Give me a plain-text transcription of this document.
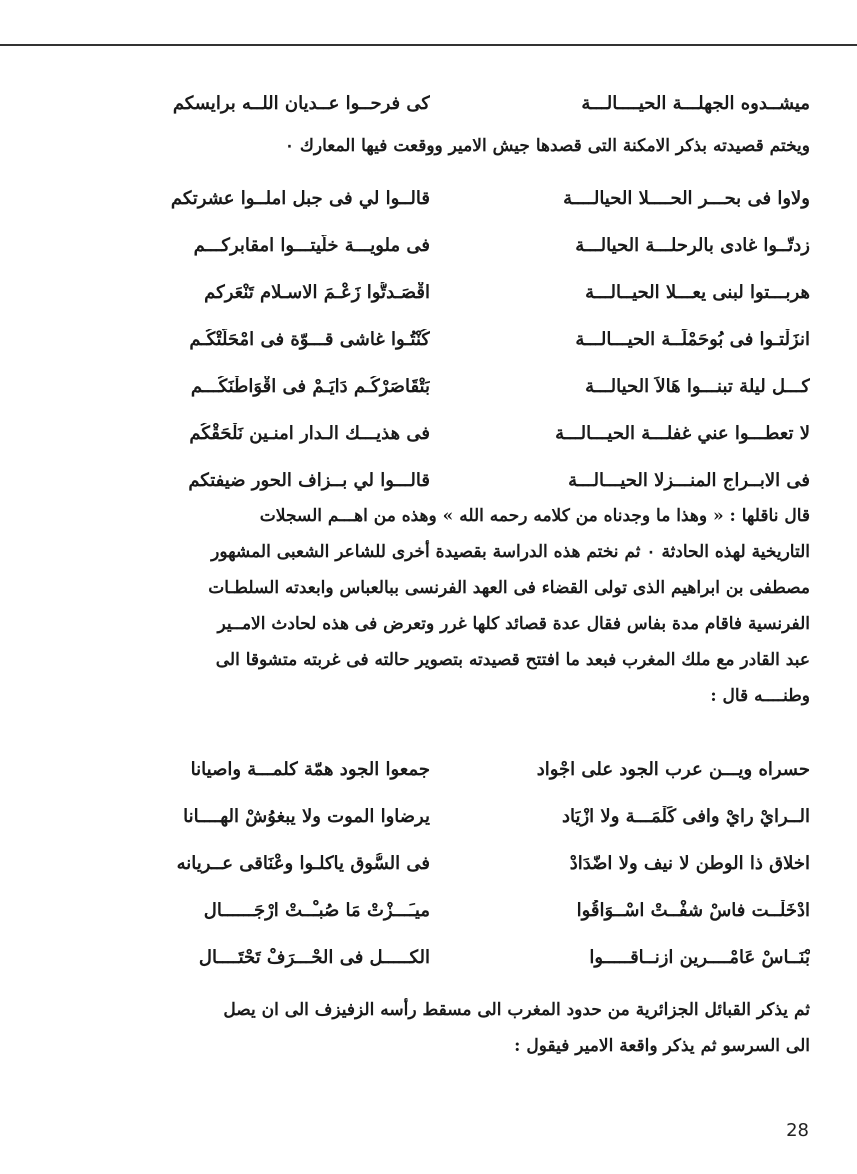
ميشــدوه الجهلـــة الحيــــالـــة
كى فرحــوا عــديان اللــه برايسكم
ويختم قصيدته بذكر الامكنة التى قصدها جيش الامير ووقعت فيها المعارك ٠
ولاوا فى بحـــر الحــــلا الحيالــــة
قالــوا لي فى جبل املــوا عشرتكم
زدتّــوا غادى بالرحلـــة الحيالـــة
فى ملويـــة خلّيتـــوا امقابركـــم
هربـــتوا لبنى يعـــلا الحيــالـــة
اقْصَـدتُّوا زَعْـمَ الاسـلام تَنْعَركم
انزَلْتـوا فى بُوحَمْلَــة الحيـــالـــة
كُنْتُـوا غاشى قـــوّة فى امْحَلّتْكُـم
كـــل ليلة تبنـــوا هَالاَ الحيالـــة
بَتْقَاصَرْكُـم دَايَـمْ فى اقْوَاطْنَكُـــم
لا تعطـــوا عني غفلـــة الحيـــالـــة
فى هذيـــك الـدار امنـين نَلْحَقْكُم
فى الابــراج المنـــزلا الحيـــالـــة
قالـــوا لي بــزاف الحور ضيفتكم
قال ناقلها : « وهذا ما وجدناه من كلامه رحمه الله » وهذه من اهـــم السجلات
التاريخية لهذه الحادثة ٠ ثم نختم هذه الدراسة بقصيدة أخرى للشاعر الشعبى المشهور
مصطفى بن ابراهيم الذى تولى القضاء فى العهد الفرنسى ببالعباس وابعدته السلطـات
الفرنسية فاقام مدة بفاس فقال عدة قصائد كلها غرر وتعرض فى هذه لحادث الامــير
عبد القادر مع ملك المغرب فبعد ما افتتح قصيدته بتصوير حالته فى غربته متشوقا الى
وطنــــه قال :
حسراه وِيـــن عرب الجود على اجْواد
جمعوا الجود همّة كلمـــة واصيانا
الــرايْ رايْ وافى كَلْمَـــة ولا ازْيَاد
يرضاوا الموت ولا يبغوُشْ الهــــانا
اخلاق ذا الوطن لا نيف ولا اضّدَادْ
فى السُّوق ياكلـوا وعْنَاقى عــريانه
ادْخَلْــت فاسْ شفْــتْ اسْــوَاقُوا
ميـَـــزْتْ مَا صُبـْــتْ ارْجَــــــال
بْنَــاسْ عَامْــــرين ازنــاقـــــوا
الكـــــل فى الحْـــرَفْ تَحْتَــــال
ثم يذكر القبائل الجزائرية من حدود المغرب الى مسقط رأسه الزفيزف الى ان يصل
الى السرسو ثم يذكر واقعة الامير فيقول :
28
